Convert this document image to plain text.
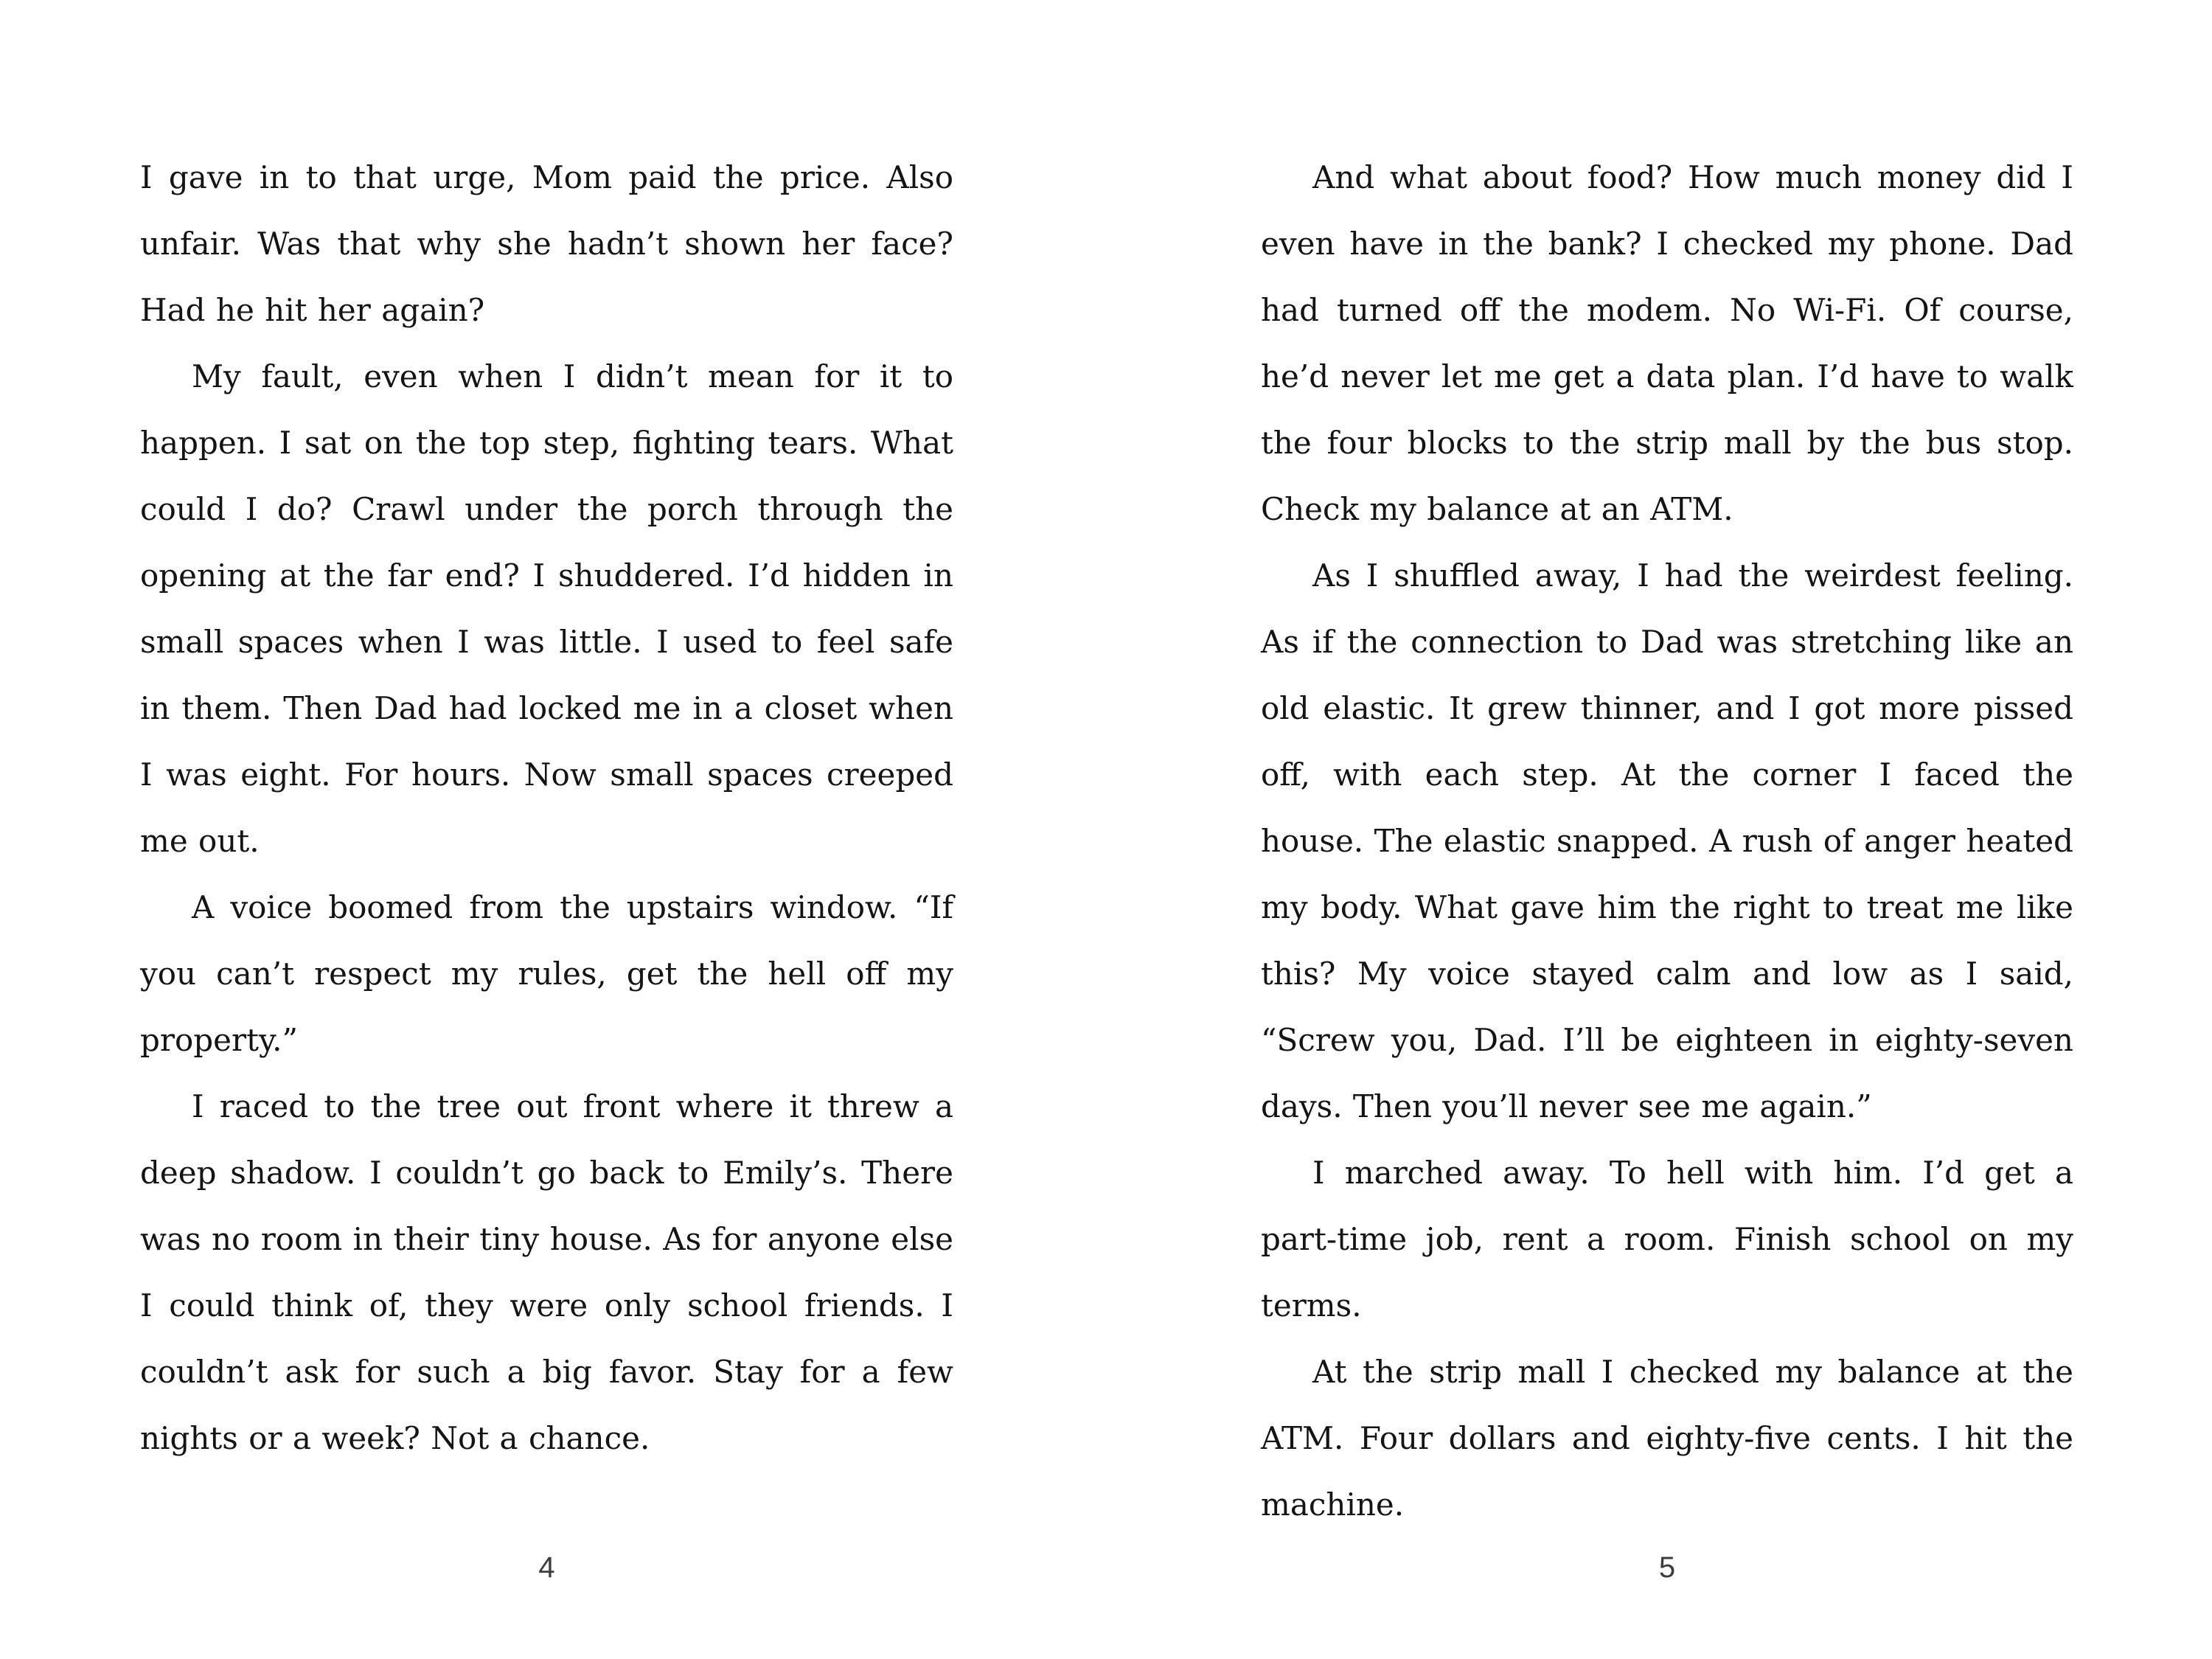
I gave in to that urge, Mom paid the price. Also unfair. Was that why she hadn’t shown her face? Had he hit her again?

My fault, even when I didn’t mean for it to happen. I sat on the top step, fighting tears. What could I do? Crawl under the porch through the opening at the far end? I shuddered. I’d hidden in small spaces when I was little. I used to feel safe in them. Then Dad had locked me in a closet when I was eight. For hours. Now small spaces creeped me out.

A voice boomed from the upstairs window. “If you can’t respect my rules, get the hell off my property.”

I raced to the tree out front where it threw a deep shadow. I couldn’t go back to Emily’s. There was no room in their tiny house. As for anyone else I could think of, they were only school friends. I couldn’t ask for such a big favor. Stay for a few nights or a week? Not a chance.

4

And what about food? How much money did I even have in the bank? I checked my phone. Dad had turned off the modem. No Wi-Fi. Of course, he’d never let me get a data plan. I’d have to walk the four blocks to the strip mall by the bus stop. Check my balance at an ATM.

As I shuffled away, I had the weirdest feeling. As if the connection to Dad was stretching like an old elastic. It grew thinner, and I got more pissed off, with each step. At the corner I faced the house. The elastic snapped. A rush of anger heated my body. What gave him the right to treat me like this? My voice stayed calm and low as I said, “Screw you, Dad. I’ll be eighteen in eighty-seven days. Then you’ll never see me again.”

I marched away. To hell with him. I’d get a part-time job, rent a room. Finish school on my terms.

At the strip mall I checked my balance at the ATM. Four dollars and eighty-five cents. I hit the machine.

5
